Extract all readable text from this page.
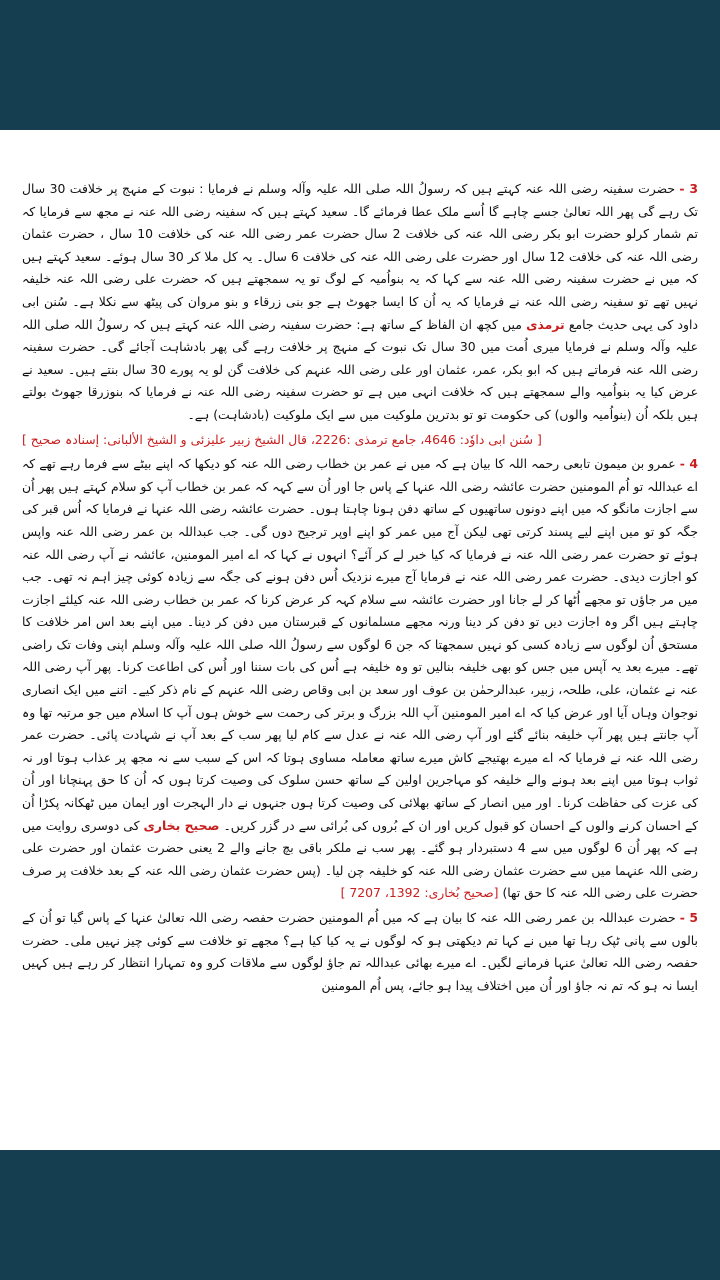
3 - حضرت سفینہ رضی اللہ عنہ کہتے ہیں کہ رسولُ اللہ صلی اللہ علیہ وآلہ وسلم نے فرمایا : نبوت کے منہج پر خلافت 30 سال تک رہے گی پھر اللہ تعالیٰ جسے چاہے گا اُسے ملک عطا فرمائے گا۔ سعید کہتے ہیں کہ سفینہ رضی اللہ عنہ نے مجھ سے فرمایا کہ تم شمار کرلو حضرت ابو بکر رضی اللہ عنہ کی خلافت 2 سال حضرت عمر رضی اللہ عنہ کی خلافت 10 سال ، حضرت عثمان رضی اللہ عنہ کی خلافت 12 سال اور حضرت علی رضی اللہ عنہ کی خلافت 6 سال۔ یہ کل ملا کر 30 سال ہوئے۔ سعید کہتے ہیں کہ میں نے حضرت سفینہ رضی اللہ عنہ سے کہا کہ یہ بنواُمیہ کے لوگ تو یہ سمجھتے ہیں کہ حضرت علی رضی اللہ عنہ خلیفہ نہیں تھے تو سفینہ رضی اللہ عنہ نے فرمایا کہ یہ اُن کا ایسا جھوٹ ہے جو بنی زرقاء و بنو مروان کی پیٹھ سے نکلا ہے۔ سُنن ابی داود کی یہی حدیث جامع ترمذی میں کچھ ان الفاظ کے ساتھ ہے: حضرت سفینہ رضی اللہ عنہ کہتے ہیں کہ رسولُ اللہ صلی اللہ علیہ وآلہ وسلم نے فرمایا میری اُمت میں 30 سال تک نبوت کے منہج پر خلافت رہے گی پھر بادشاہت آجائے گی۔ حضرت سفینہ رضی اللہ عنہ فرماتے ہیں کہ ابو بکر، عمر، عثمان اور علی رضی اللہ عنہم کی خلافت گن لو یہ پورے 30 سال بنتے ہیں۔ سعید نے عرض کیا یہ بنواُمیہ والے سمجھتے ہیں کہ خلافت انہی میں ہے تو حضرت سفینہ رضی اللہ عنہ نے فرمایا کہ بنوزرقا جھوٹ بولتے ہیں بلکہ اُن (بنواُمیہ والوں) کی حکومت تو تو بدترین ملوکیت میں سے ایک ملوکیت (بادشاہت) ہے۔

[ سُنن ابی داوٗد: 4646، جامع ترمذی :2226، قال الشیخ زبیر علیزئی و الشیخ الألبانی: إسنادہ صحیح ]

4 - عمرو بن میمون تابعی رحمہ اللہ کا بیان ہے کہ میں نے عمر بن خطاب رضی اللہ عنہ کو دیکھا کہ اپنے بیٹے سے فرما رہے تھے کہ اے عبداللہ تو اُم المومنین حضرت عائشہ رضی اللہ عنہا کے پاس جا اور اُن سے کہہ کہ عمر بن خطاب آپ کو سلام کہتے ہیں پھر اُن سے اجازت مانگو کہ میں اپنے دونوں ساتھیوں کے ساتھ دفن ہونا چاہتا ہوں۔ حضرت عائشہ رضی اللہ عنہا نے فرمایا کہ اُس قبر کی جگہ کو تو میں اپنے لیے پسند کرتی تھی لیکن آج میں عمر کو اپنے اوپر ترجیح دوں گی۔ جب عبداللہ بن عمر رضی اللہ عنہ واپس ہوئے تو حضرت عمر رضی اللہ عنہ نے فرمایا کہ کیا خبر لے کر آئے؟ انہوں نے کہا کہ اے امیر المومنین، عائشہ نے آپ رضی اللہ عنہ کو اجازت دیدی۔ حضرت عمر رضی اللہ عنہ نے فرمایا آج میرے نزدیک اُس دفن ہونے کی جگہ سے زیادہ کوئی چیز اہم نہ تھی۔ جب میں مر جاؤں تو مجھے اُٹھا کر لے جانا اور حضرت عائشہ سے سلام کہہ کر عرض کرنا کہ عمر بن خطاب رضی اللہ عنہ کیلئے اجازت چاہتے ہیں اگر وہ اجازت دیں تو دفن کر دینا ورنہ مجھے مسلمانوں کے قبرستان میں دفن کر دینا۔ میں اپنے بعد اس امر خلافت کا مستحق اُن لوگوں سے زیادہ کسی کو نہیں سمجھتا کہ جن 6 لوگوں سے رسولُ اللہ صلی اللہ علیہ وآلہ وسلم اپنی وفات تک راضی تھے۔ میرے بعد یہ آپس میں جس کو بھی خلیفہ بنالیں تو وہ خلیفہ ہے اُس کی بات سننا اور اُس کی اطاعت کرنا۔ پھر آپ رضی اللہ عنہ نے عثمان، علی، طلحہ، زبیر، عبدالرحمٰن بن عوف اور سعد بن ابی وقاص رضی اللہ عنہم کے نام ذکر کیے۔ اتنے میں ایک انصاری نوجوان وہاں آیا اور عرض کیا کہ اے امیر المومنین آپ اللہ بزرگ و برتر کی رحمت سے خوش ہوں آپ کا اسلام میں جو مرتبہ تھا وہ آپ جانتے ہیں پھر آپ خلیفہ بنائے گئے اور آپ رضی اللہ عنہ نے عدل سے کام لیا پھر سب کے بعد آپ نے شہادت پائی۔ حضرت عمر رضی اللہ عنہ نے فرمایا کہ اے میرے بھتیجے کاش میرے ساتھ معاملہ مساوی ہوتا کہ اس کے سبب سے نہ مجھ پر عذاب ہوتا اور نہ ثواب ہوتا میں اپنے بعد ہونے والے خلیفہ کو مہاجرین اولین کے ساتھ حسن سلوک کی وصیت کرتا ہوں کہ اُن کا حق پہنچانا اور اُن کی عزت کی حفاظت کرنا۔ اور میں انصار کے ساتھ بھلائی کی وصیت کرتا ہوں جنہوں نے دار الہجرت اور ایمان میں ٹھکانہ پکڑا اُن کے احسان کرنے والوں کے احسان کو قبول کریں اور ان کے بُروں کی بُرائی سے در گزر کریں۔ صحیح بخاری کی دوسری روایت میں ہے کہ پھر اُن 6 لوگوں میں سے 4 دستبردار ہو گئے۔ پھر سب نے ملکر باقی بچ جانے والے 2 یعنی حضرت عثمان اور حضرت علی رضی اللہ عنہما میں سے حضرت عثمان رضی اللہ عنہ کو خلیفہ چن لیا۔ (پس حضرت عثمان رضی اللہ عنہ کے بعد خلافت پر صرف حضرت علی رضی اللہ عنہ کا حق تھا) [صحیح بُخاری: 1392، 7207 ]

5 - حضرت عبداللہ بن عمر رضی اللہ عنہ کا بیان ہے کہ میں اُم المومنین حضرت حفصہ رضی اللہ تعالیٰ عنہا کے پاس گیا تو اُن کے بالوں سے پانی ٹپک رہا تھا میں نے کہا تم دیکھتی ہو کہ لوگوں نے یہ کیا کیا ہے؟ مجھے تو خلافت سے کوئی چیز نہیں ملی۔ حضرت حفصہ رضی اللہ تعالیٰ عنہا فرمانے لگیں۔ اے میرے بھائی عبداللہ تم جاؤ لوگوں سے ملاقات کرو وہ تمہارا انتظار کر رہے ہیں کہیں ایسا نہ ہو کہ تم نہ جاؤ اور اُن میں اختلاف پیدا ہو جائے، پس اُم المومنین
